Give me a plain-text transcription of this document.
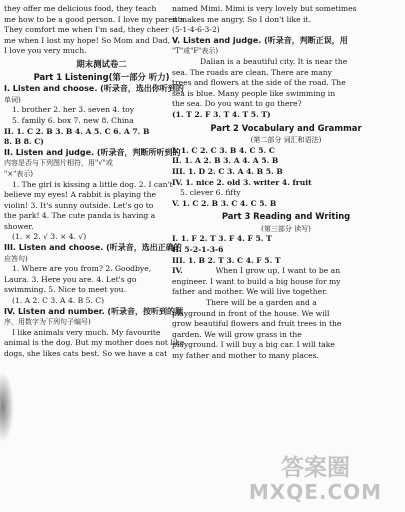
they offer me delicious food, they teach
me how to be a good person. I love my parents.
They comfort me when I'm sad, they cheer
me when I lost my hope! So Mom and Dad,
I love you very much.
期末测试卷二
Part 1 Listening(第一部分 听力)
I. Listen and choose. (听录音，选出你听到的
单词)
1. brother 2. her 3. seven 4. toy
5. family 6. box 7. new 8. China
II. 1. C 2. B 3. B 4. A 5. C 6. A 7. B
8. B 8. C)
II. Listen and judge. (听录音，判断所听到的
内容是否与下列图片相符，用"√"或
"×"表示)
1. The girl is kissing a little dog. 2. I can't
believe my eyes! A rabbit is playing the
violin! 3. It's sunny outside. Let's go to
the park! 4. The cute panda is having a
shower.
(1. × 2. √ 3. × 4. √)
III. Listen and choose. (听录音，选出正确的
应答句)
1. Where are you from? 2. Goodbye,
Laura. 3. Here you are. 4. Let's go
swimming. 5. Nice to meet you.
(1. A 2. C 3. A 4. B 5. C)
IV. Listen and number. (听录音，按听到的顺
序，用数字为下列句子编号)
I like animals very much. My favourite
animal is the dog. But my mother does not like
dogs, she likes cats best. So we have a cat
named Mimi. Mimi is very lovely but sometimes
it makes me angry. So I don't like it.
(5-1-4-6-3-2)
V. Listen and judge. (听录音，判断正误，用
"T"或"F"表示)
Dalian is a beautiful city. It is near the
sea. The roads are clean. There are many
trees and flowers at the side of the road. The
sea is blue. Many people like swimming in
the sea. Do you want to go there?
(1. T 2. F 3. T 4. T 5. T)
Part 2 Vocabulary and Grammar
(第二部分 词汇和语法)
I. 1. C 2. C 3. B 4. C 5. C
II. 1. A 2. B 3. A 4. A 5. B
III. 1. D 2. C 3. A 4. B 5. B
IV. 1. nice 2. old 3. writer 4. fruit
5. clever 6. fifty
V. 1. C 2. B 3. C 4. C 5. B
Part 3 Reading and Writing
(第三部分 读写)
I. 1. F 2. T 3. F 4. F 5. T
II. 5-2-1-3-6
III. 1. B 2. T 3. C 4. F 5. T
IV.	When I grow up, I want to be an
engineer. I want to build a big house for my
father and mother. We will live together.
There will be a garden and a
playground in front of the house. We will
grow beautiful flowers and fruit trees in the
garden. We will grow grass in the
playground. I will buy a big car. I will take
my father and mother to many places.
答案圈
MXQE.COM
